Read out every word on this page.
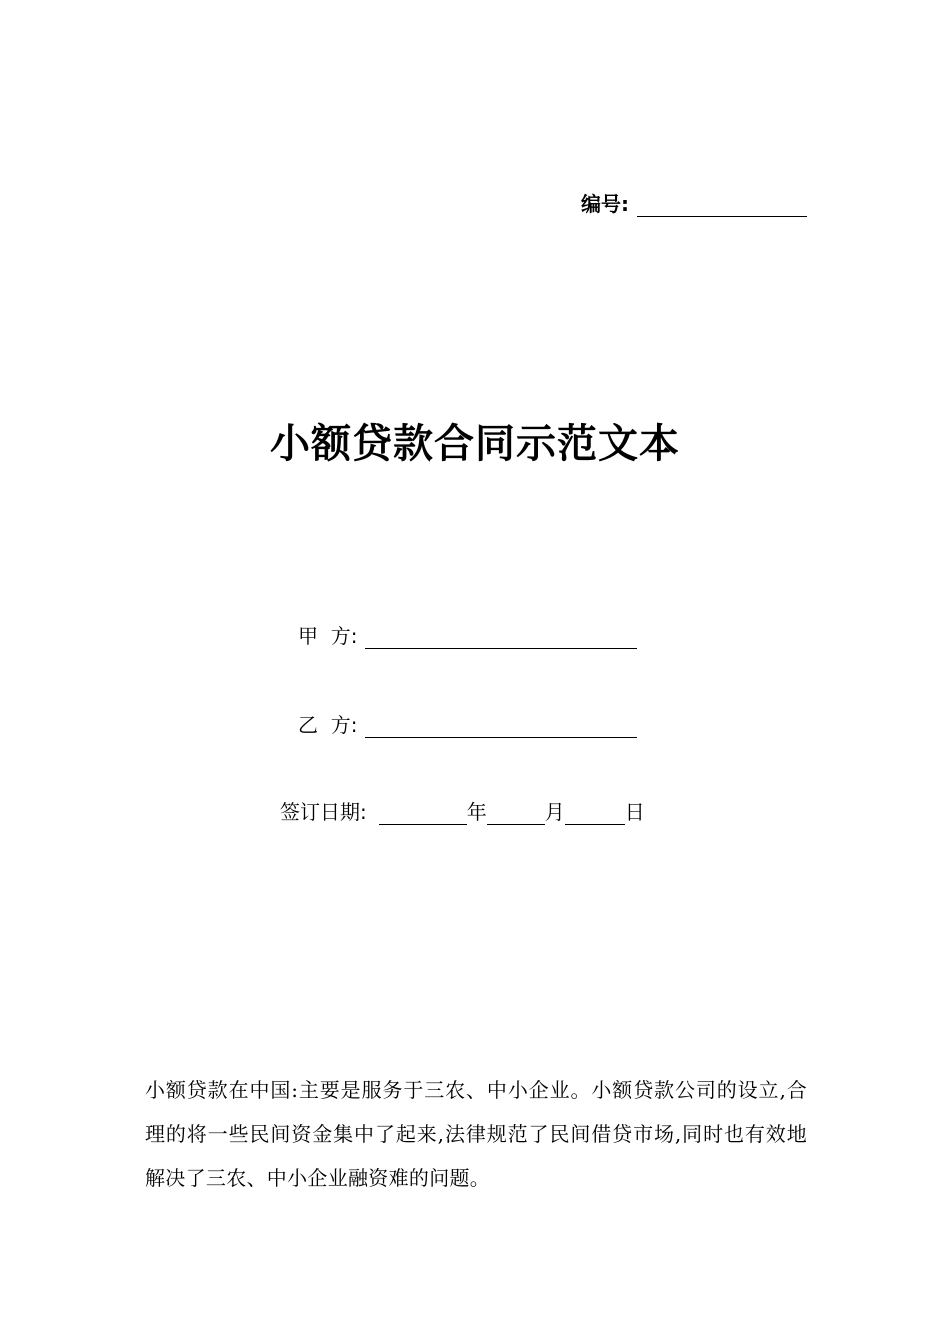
编号:
小额贷款合同示范文本
甲  方:
乙  方:
签订日期:	年	月	日
小额贷款在中国:主要是服务于三农、中小企业。小额贷款公司的设立,合理的将一些民间资金集中了起来,法律规范了民间借贷市场,同时也有效地解决了三农、中小企业融资难的问题。
